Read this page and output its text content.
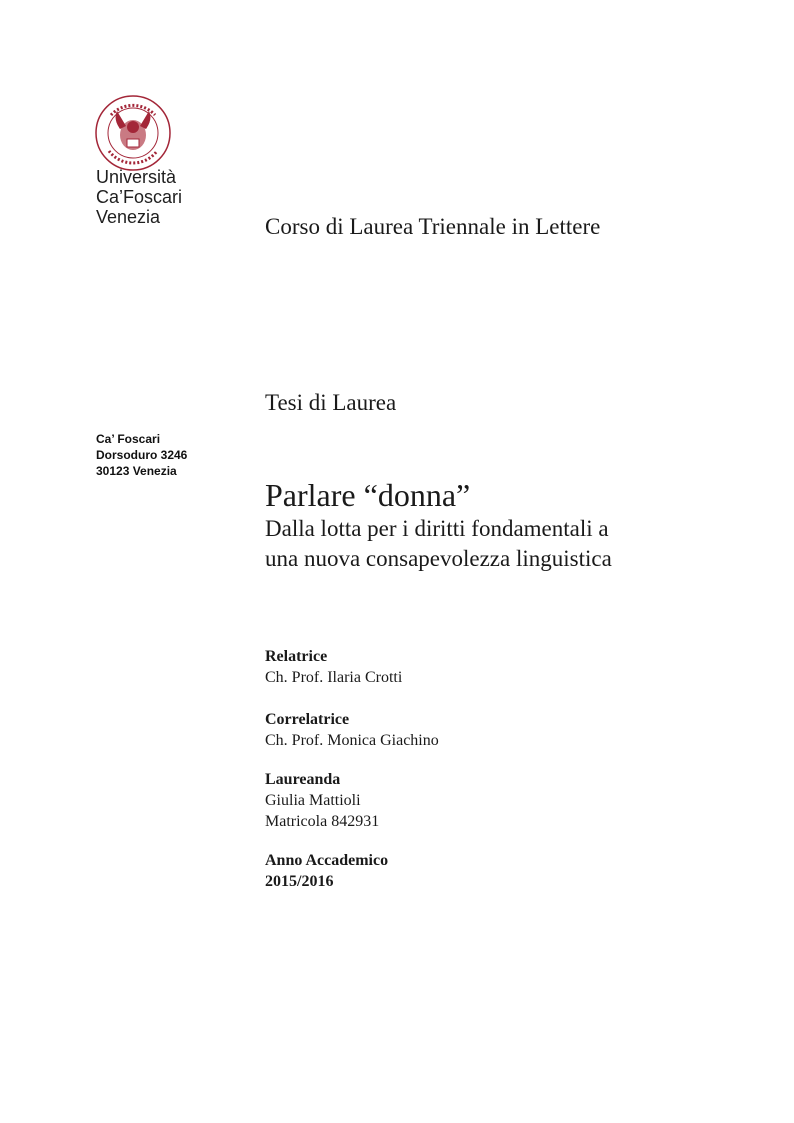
Università
Ca’Foscari
Venezia
Ca’ Foscari
Dorsoduro 3246
30123 Venezia
Corso di Laurea Triennale in Lettere
Tesi di Laurea
Parlare “donna”
Dalla lotta per i diritti fondamentali a
una nuova consapevolezza linguistica
Relatrice
Ch. Prof. Ilaria Crotti
Correlatrice
Ch. Prof. Monica Giachino
Laureanda
Giulia Mattioli
Matricola 842931
Anno Accademico
2015/2016
